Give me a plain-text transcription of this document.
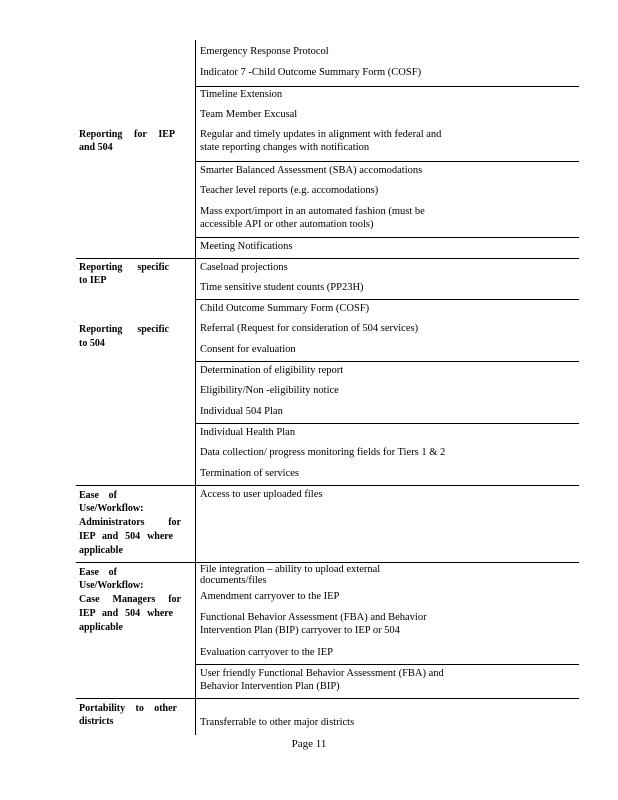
Reporting for IEP
and 504
Emergency Response Protocol
Indicator 7 -Child Outcome Summary Form (COSF)
Timeline Extension
Team Member Excusal
Regular and timely updates in alignment with federal and
state reporting changes with notification
Smarter Balanced Assessment (SBA) accomodations
Teacher level reports (e.g. accomodations)
Mass export/import in an automated fashion (must be
accessible API or other automation tools)
Meeting Notifications
Reporting specific
to IEP
Caseload projections
Time sensitive student counts (PP23H)
Reporting specific
to 504
Child Outcome Summary Form (COSF)
Referral (Request for consideration of 504 services)
Consent for evaluation
Determination of eligibility report
Eligibility/Non -eligibility notice
Individual 504 Plan
Individual Health Plan
Data collection/ progress monitoring fields for Tiers 1 & 2
Termination of services
Ease of
Use/Workflow:
Administrators for
IEP and 504 where
applicable
Access to user uploaded files
Ease of
Use/Workflow:
Case Managers for
IEP and 504 where
applicable
File integration – ability to upload external
documents/files
Amendment carryover to the IEP
Functional Behavior Assessment (FBA) and Behavior
Intervention Plan (BIP) carryover to IEP or 504
Evaluation carryover to the IEP
User friendly Functional Behavior Assessment (FBA) and
Behavior Intervention Plan (BIP)
Portability to other
districts	Transferrable to other major districts
Page 11
